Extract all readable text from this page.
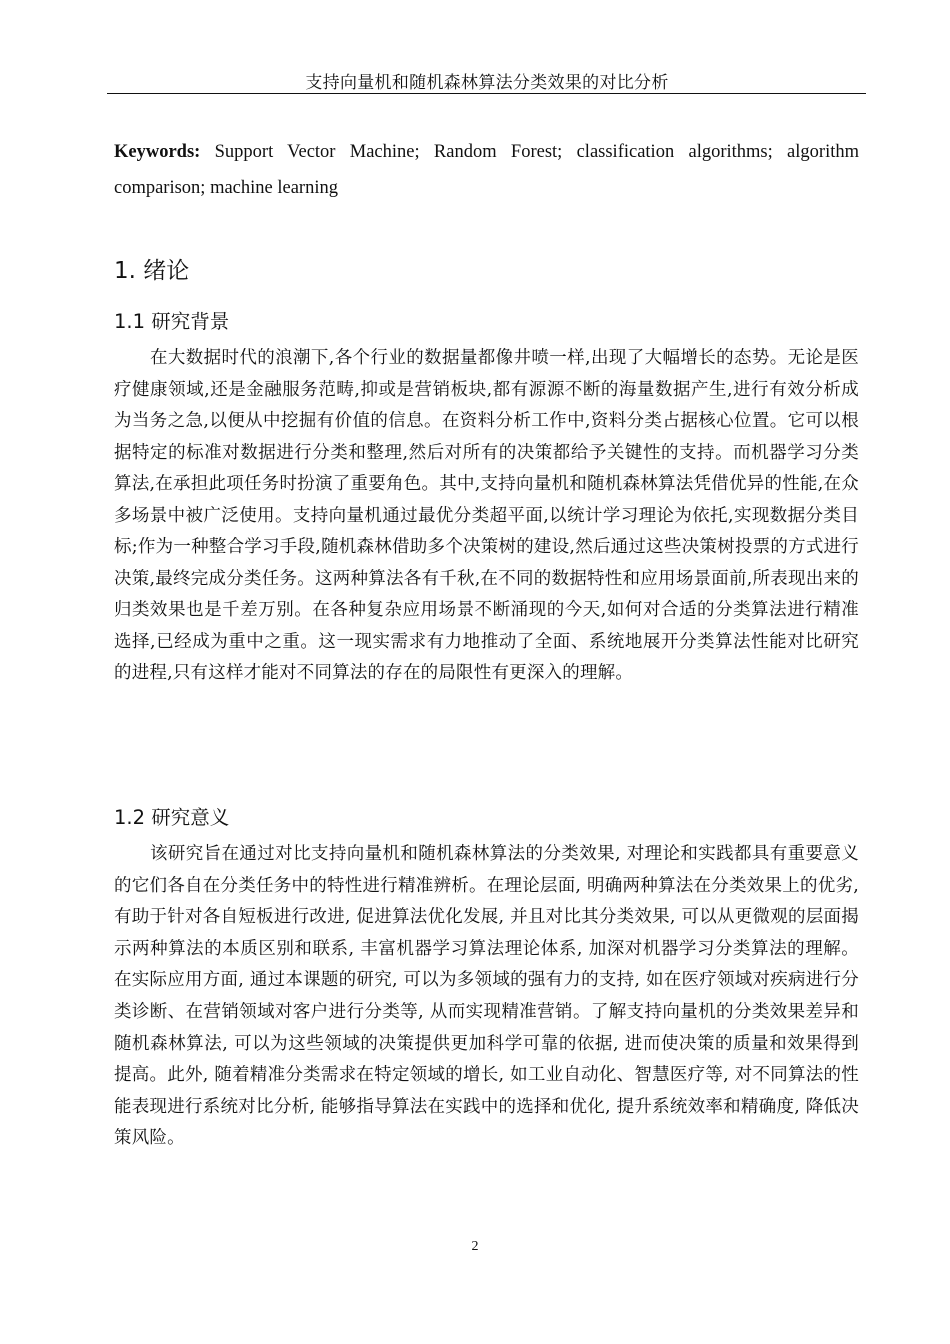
支持向量机和随机森林算法分类效果的对比分析
Keywords: Support Vector Machine; Random Forest; classification algorithms; algorithm comparison; machine learning
1. 绪论
1.1 研究背景

在大数据时代的浪潮下,各个行业的数据量都像井喷一样,出现了大幅增长的态势。无论是医疗健康领域,还是金融服务范畴,抑或是营销板块,都有源源不断的海量数据产生,进行有效分析成为当务之急,以便从中挖掘有价值的信息。在资料分析工作中,资料分类占据核心位置。它可以根据特定的标准对数据进行分类和整理,然后对所有的决策都给予关键性的支持。而机器学习分类算法,在承担此项任务时扮演了重要角色。其中,支持向量机和随机森林算法凭借优异的性能,在众多场景中被广泛使用。支持向量机通过最优分类超平面,以统计学习理论为依托,实现数据分类目标;作为一种整合学习手段,随机森林借助多个决策树的建设,然后通过这些决策树投票的方式进行决策,最终完成分类任务。这两种算法各有千秋,在不同的数据特性和应用场景面前,所表现出来的归类效果也是千差万别。在各种复杂应用场景不断涌现的今天,如何对合适的分类算法进行精准选择,已经成为重中之重。这一现实需求有力地推动了全面、系统地展开分类算法性能对比研究的进程,只有这样才能对不同算法的存在的局限性有更深入的理解。

1.2 研究意义

该研究旨在通过对比支持向量机和随机森林算法的分类效果, 对理论和实践都具有重要意义的它们各自在分类任务中的特性进行精准辨析。在理论层面, 明确两种算法在分类效果上的优劣, 有助于针对各自短板进行改进, 促进算法优化发展, 并且对比其分类效果, 可以从更微观的层面揭示两种算法的本质区别和联系, 丰富机器学习算法理论体系, 加深对机器学习分类算法的理解。在实际应用方面, 通过本课题的研究, 可以为多领域的强有力的支持, 如在医疗领域对疾病进行分类诊断、在营销领域对客户进行分类等, 从而实现精准营销。了解支持向量机的分类效果差异和随机森林算法, 可以为这些领域的决策提供更加科学可靠的依据, 进而使决策的质量和效果得到提高。此外, 随着精准分类需求在特定领域的增长, 如工业自动化、智慧医疗等, 对不同算法的性能表现进行系统对比分析, 能够指导算法在实践中的选择和优化, 提升系统效率和精确度, 降低决策风险。

2
